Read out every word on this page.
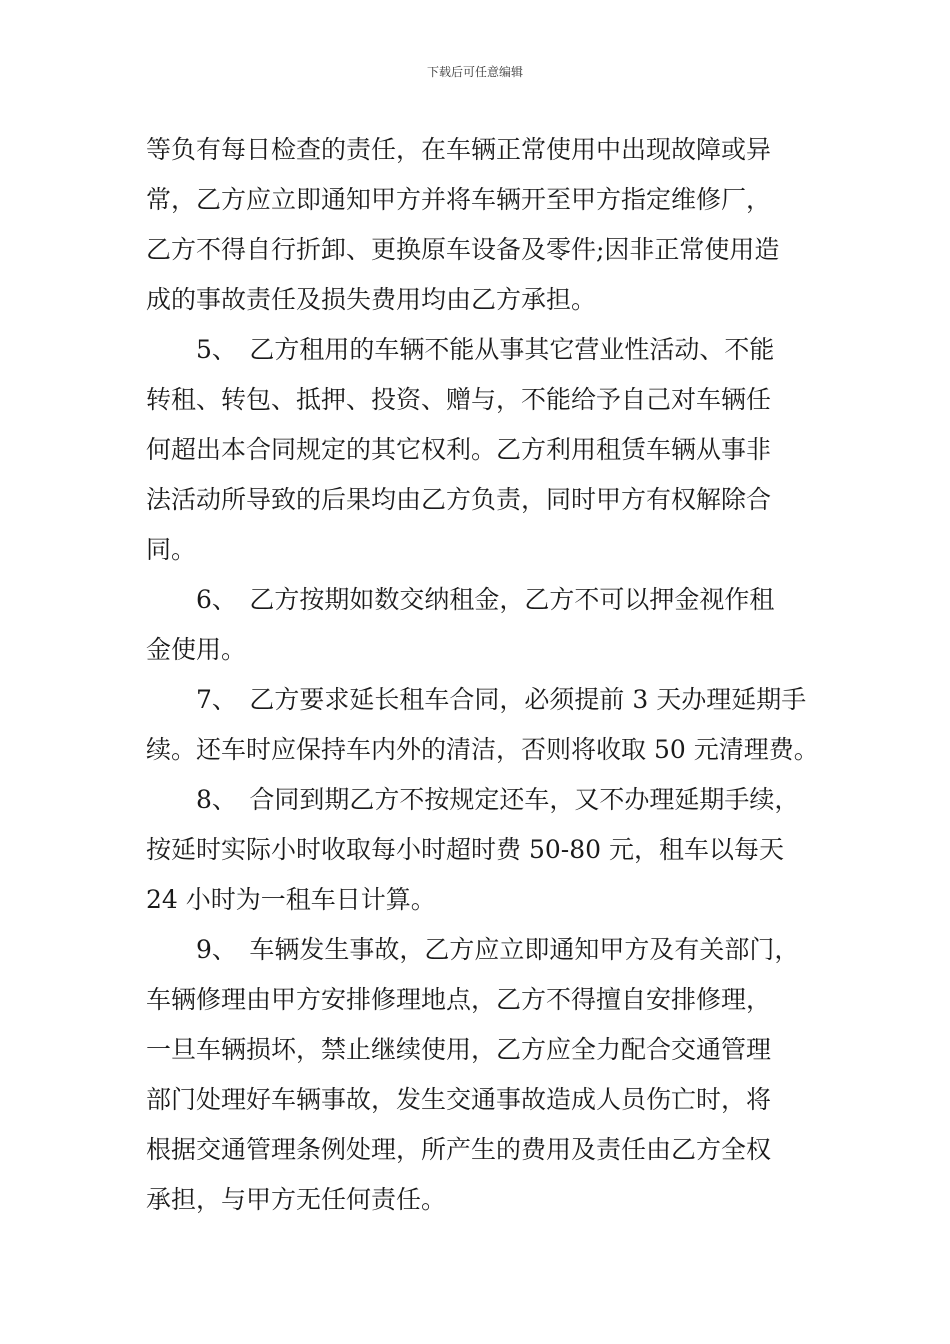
下载后可任意编辑
等负有每日检查的责任，在车辆正常使用中出现故障或异
常，乙方应立即通知甲方并将车辆开至甲方指定维修厂，
乙方不得自行折卸、更换原车设备及零件;因非正常使用造
成的事故责任及损失费用均由乙方承担。
5、　乙方租用的车辆不能从事其它营业性活动、不能
转租、转包、抵押、投资、赠与，不能给予自己对车辆任
何超出本合同规定的其它权利。乙方利用租赁车辆从事非
法活动所导致的后果均由乙方负责，同时甲方有权解除合
同。
6、　乙方按期如数交纳租金，乙方不可以押金视作租
金使用。
7、　乙方要求延长租车合同，必须提前 3 天办理延期手
续。还车时应保持车内外的清洁，否则将收取 50 元清理费。
8、　合同到期乙方不按规定还车，又不办理延期手续，
按延时实际小时收取每小时超时费 50-80 元，租车以每天
24 小时为一租车日计算。
9、　车辆发生事故，乙方应立即通知甲方及有关部门，
车辆修理由甲方安排修理地点，乙方不得擅自安排修理，
一旦车辆损坏，禁止继续使用，乙方应全力配合交通管理
部门处理好车辆事故，发生交通事故造成人员伤亡时，将
根据交通管理条例处理，所产生的费用及责任由乙方全权
承担，与甲方无任何责任。
